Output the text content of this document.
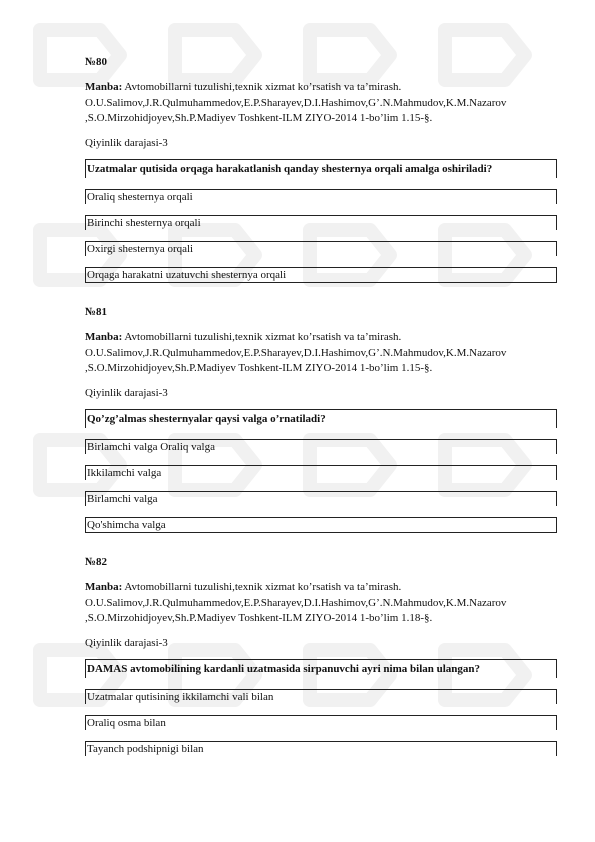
№80
Manba: Avtomobillarni tuzulishi,texnik xizmat ko’rsatish va ta’mirash. O.U.Salimov,J.R.Qulmuhammedov,E.P.Sharayev,D.I.Hashimov,G’.N.Mahmudov,K.M.Nazarov ,S.O.Mirzohidjoyev,Sh.P.Madiyev Toshkent-ILM ZIYO-2014 1-bo’lim 1.15-§.
Qiyinlik darajasi-3
Uzatmalar qutisida orqaga harakatlanish qanday shesternya orqali amalga oshiriladi?
Oraliq shesternya orqali
Birinchi shesternya orqali
Oxirgi shesternya orqali
Orqaga harakatni uzatuvchi shesternya orqali
№81
Manba: Avtomobillarni tuzulishi,texnik xizmat ko’rsatish va ta’mirash. O.U.Salimov,J.R.Qulmuhammedov,E.P.Sharayev,D.I.Hashimov,G’.N.Mahmudov,K.M.Nazarov ,S.O.Mirzohidjoyev,Sh.P.Madiyev Toshkent-ILM ZIYO-2014 1-bo’lim 1.15-§.
Qiyinlik darajasi-3
Qo’zg’almas shesternyalar qaysi valga o’rnatiladi?
Birlamchi valga Oraliq valga
Ikkilamchi valga
Birlamchi valga
Qo'shimcha valga
№82
Manba: Avtomobillarni tuzulishi,texnik xizmat ko’rsatish va ta’mirash. O.U.Salimov,J.R.Qulmuhammedov,E.P.Sharayev,D.I.Hashimov,G’.N.Mahmudov,K.M.Nazarov ,S.O.Mirzohidjoyev,Sh.P.Madiyev Toshkent-ILM ZIYO-2014 1-bo’lim 1.18-§.
Qiyinlik darajasi-3
DAMAS avtomobilining kardanli uzatmasida sirpanuvchi ayri nima bilan ulangan?
Uzatmalar qutisining ikkilamchi vali bilan
Oraliq osma bilan
Tayanch podshipnigi bilan
